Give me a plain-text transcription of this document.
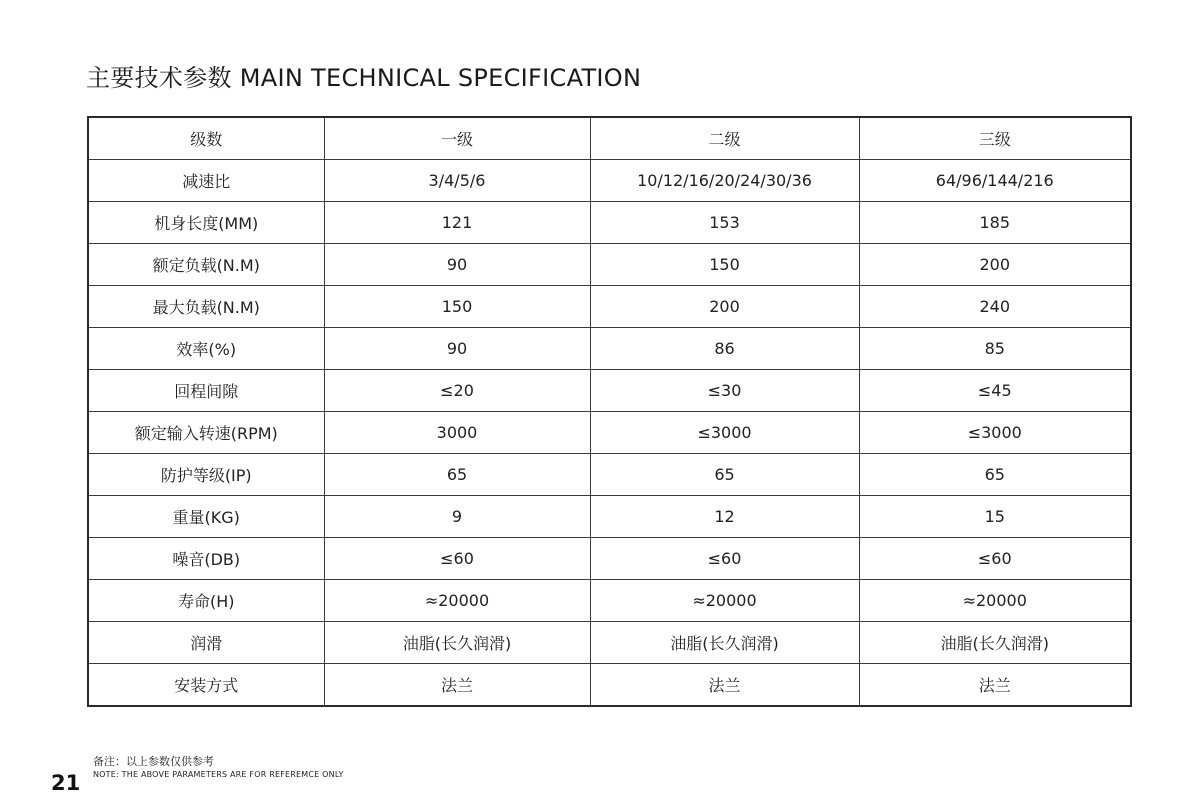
主要技术参数 MAIN TECHNICAL SPECIFICATION
级数	一级	二级	三级
减速比	3/4/5/6	10/12/16/20/24/30/36	64/96/144/216
机身长度(MM)	121	153	185
额定负载(N.M)	90	150	200
最大负载(N.M)	150	200	240
效率(%)	90	86	85
回程间隙	≤20	≤30	≤45
额定输入转速(RPM)	3000	≤3000	≤3000
防护等级(IP)	65	65	65
重量(KG)	9	12	15
噪音(DB)	≤60	≤60	≤60
寿命(H)	≈20000	≈20000	≈20000
润滑	油脂(长久润滑)	油脂(长久润滑)	油脂(长久润滑)
安装方式	法兰	法兰	法兰
备注：以上参数仅供参考
NOTE: THE ABOVE PARAMETERS ARE FOR REFEREMCE ONLY
21
